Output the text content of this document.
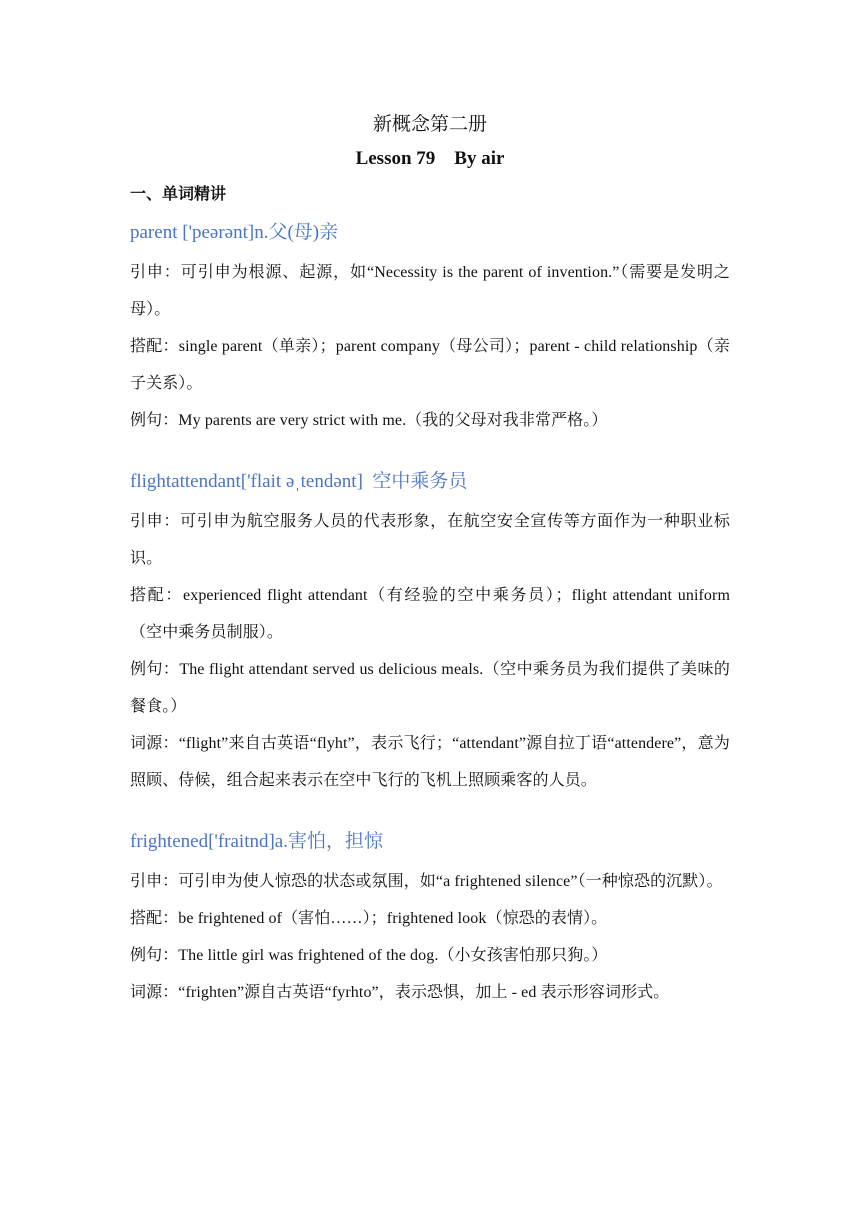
新概念第二册
Lesson 79    By air
一、单词精讲
parent ['peərənt]n.父(母)亲

引申：可引申为根源、起源，如“Necessity is the parent of invention.”（需要是发明之母）。

搭配：single parent（单亲）；parent company（母公司）；parent - child relationship（亲子关系）。

例句：My parents are very strict with me.（我的父母对我非常严格。）

flightattendant['flait əˌtendənt]  空中乘务员

引申：可引申为航空服务人员的代表形象，在航空安全宣传等方面作为一种职业标识。

搭配：experienced flight attendant（有经验的空中乘务员）；flight attendant uniform（空中乘务员制服）。

例句：The flight attendant served us delicious meals.（空中乘务员为我们提供了美味的餐食。）

词源：“flight”来自古英语“flyht”，表示飞行；“attendant”源自拉丁语“attendere”，意为照顾、侍候，组合起来表示在空中飞行的飞机上照顾乘客的人员。

frightened['fraitnd]a.害怕，担惊

引申：可引申为使人惊恐的状态或氛围，如“a frightened silence”（一种惊恐的沉默）。

搭配：be frightened of（害怕……）；frightened look（惊恐的表情）。

例句：The little girl was frightened of the dog.（小女孩害怕那只狗。）

词源：“frighten”源自古英语“fyrhto”，表示恐惧，加上 - ed 表示形容词形式。
